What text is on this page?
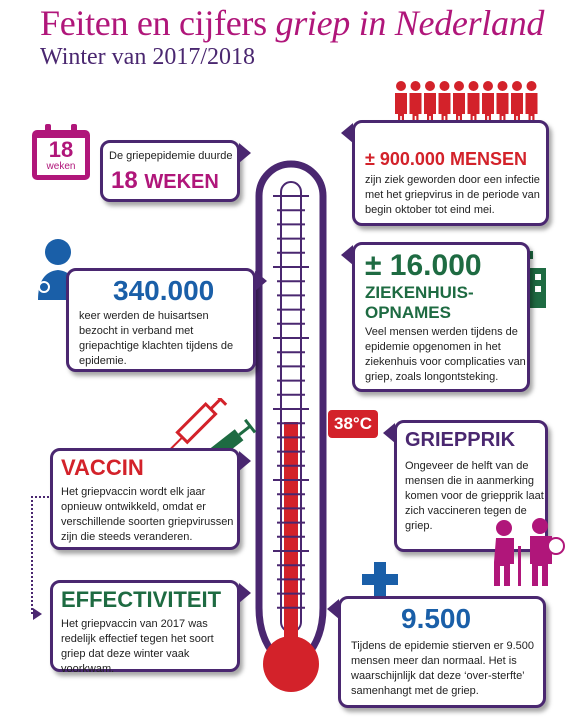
Feiten en cijfers griep in Nederland
Winter van 2017/2018
38°C
18
weken
De griepepidemie duurde
18 WEKEN
± 900.000 MENSEN
zijn ziek geworden door een infectie met het griepvirus in de periode van begin oktober tot eind mei.
340.000
keer werden de huisartsen bezocht in verband met griepachtige klachten tijdens de epidemie.
± 16.000
ZIEKENHUIS-
OPNAMES
Veel mensen werden tijdens de epidemie opgenomen in het ziekenhuis voor complicaties van griep, zoals longontsteking.
VACCIN
Het griepvaccin wordt elk jaar opnieuw ontwikkeld, omdat er verschillende soorten griepvirussen zijn die steeds veranderen.
GRIEPPRIK
Ongeveer de helft van de mensen die in aanmerking komen voor de griepprik laat zich vaccineren tegen de griep.
EFFECTIVITEIT
Het griepvaccin van 2017 was redelijk effectief tegen het soort griep dat deze winter vaak voorkwam.
9.500
Tijdens de epidemie stierven er 9.500 mensen meer dan normaal. Het is waarschijnlijk dat deze ‘over-sterfte’ samenhangt met de griep.
